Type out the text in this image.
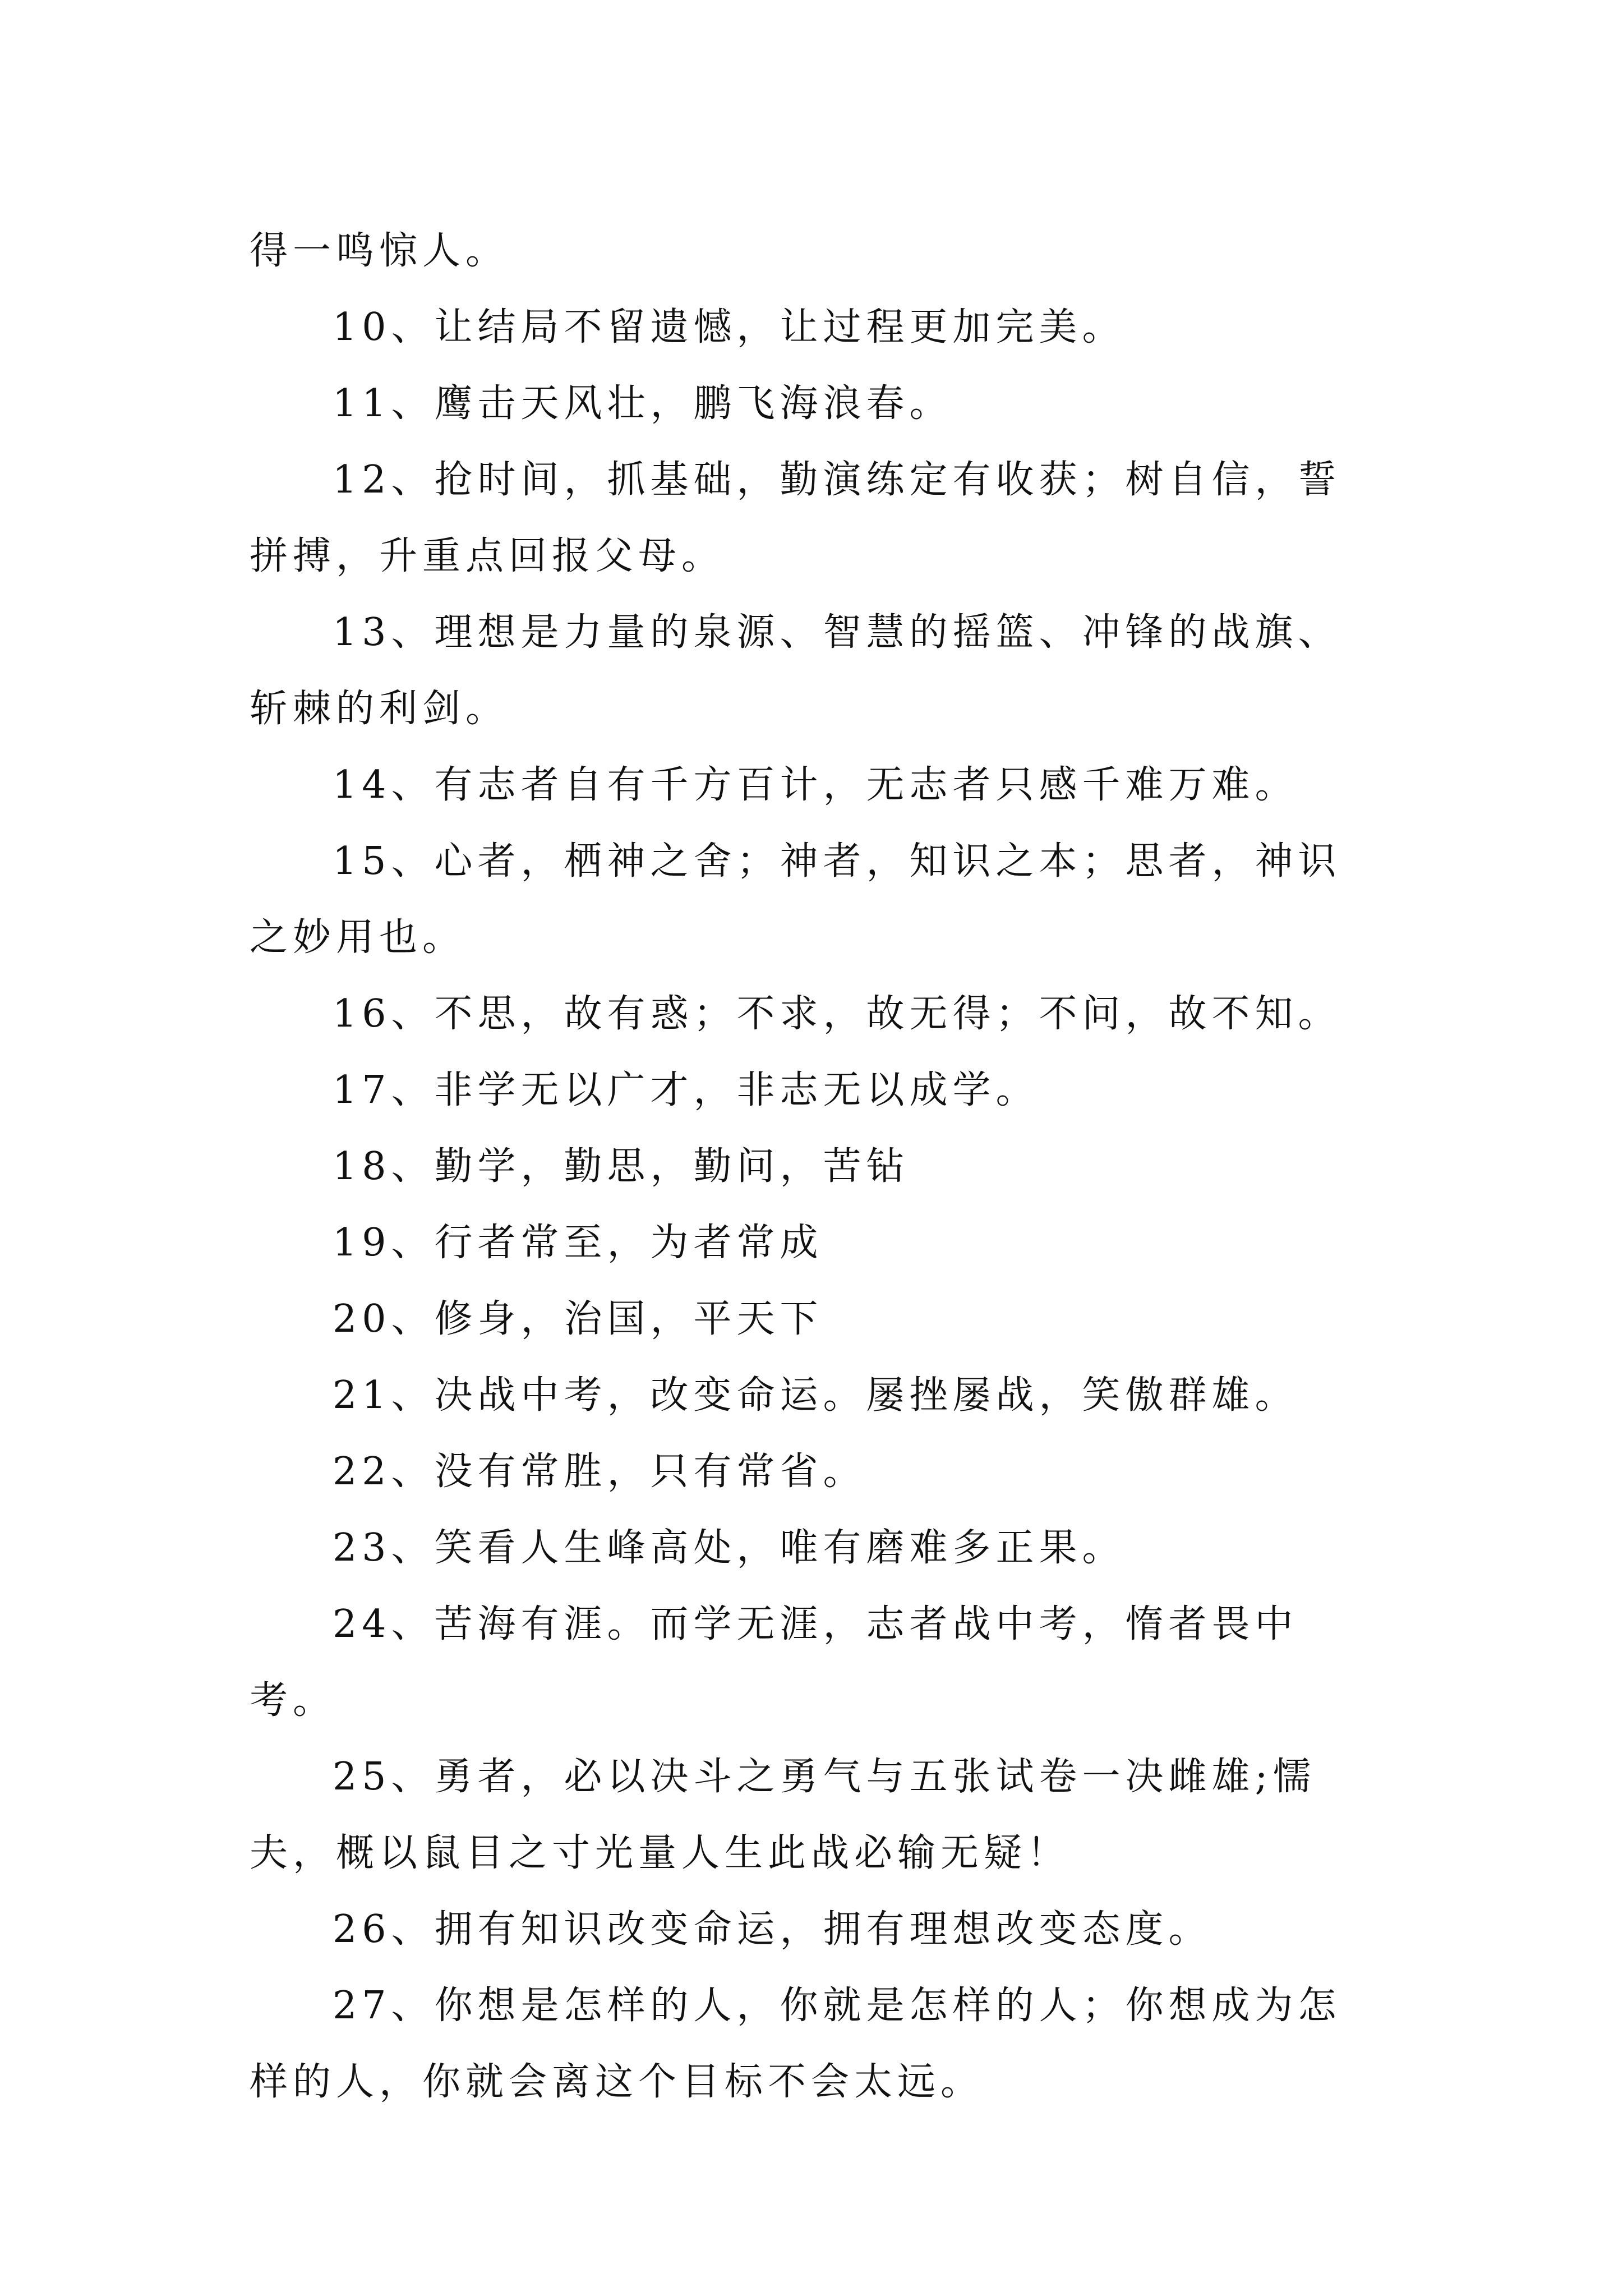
得一鸣惊人。

10、让结局不留遗憾，让过程更加完美。

11、鹰击天风壮，鹏飞海浪春。

12、抢时间，抓基础，勤演练定有收获；树自信，誓拼搏，升重点回报父母。

13、理想是力量的泉源、智慧的摇篮、冲锋的战旗、斩棘的利剑。

14、有志者自有千方百计，无志者只感千难万难。

15、心者，栖神之舍；神者，知识之本；思者，神识之妙用也。

16、不思，故有惑；不求，故无得；不问，故不知。

17、非学无以广才，非志无以成学。

18、勤学，勤思，勤问，苦钻

19、行者常至，为者常成

20、修身，治国，平天下

21、决战中考，改变命运。屡挫屡战，笑傲群雄。

22、没有常胜，只有常省。

23、笑看人生峰高处，唯有磨难多正果。

24、苦海有涯。而学无涯，志者战中考，惰者畏中考。

25、勇者，必以决斗之勇气与五张试卷一决雌雄;懦夫，概以鼠目之寸光量人生此战必输无疑！

26、拥有知识改变命运，拥有理想改变态度。

27、你想是怎样的人，你就是怎样的人；你想成为怎样的人，你就会离这个目标不会太远。
